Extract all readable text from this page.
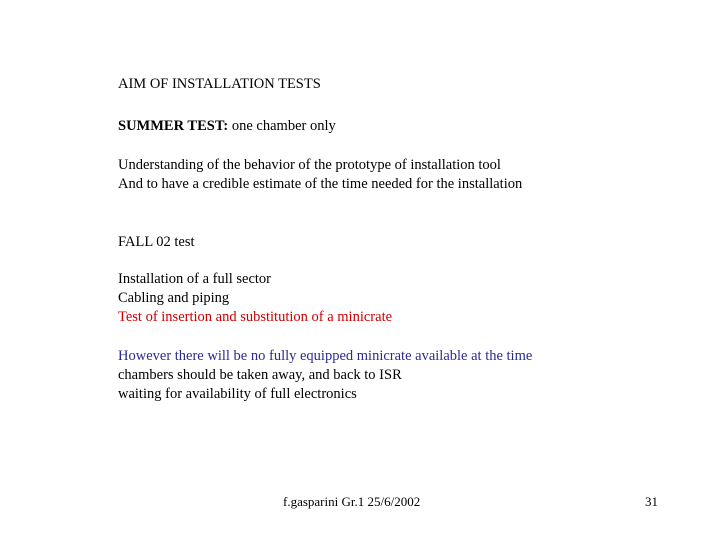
AIM OF INSTALLATION TESTS
SUMMER TEST: one chamber only
Understanding of the behavior of the prototype of installation tool
And to have a credible estimate of the time needed for the installation
FALL 02 test
Installation of a full sector
Cabling and piping
Test of insertion and substitution of a minicrate
However there will be no fully equipped minicrate available at the time
chambers should be taken away, and back to ISR
waiting for availability of full electronics
f.gasparini Gr.1 25/6/2002	31
